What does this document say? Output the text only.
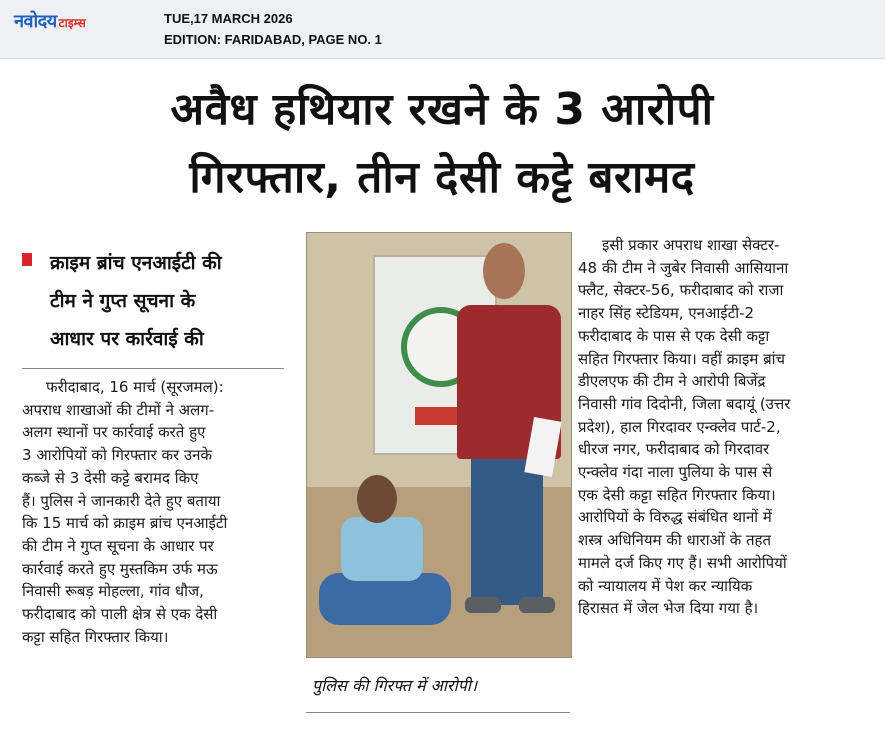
नवोदय टाइम्स	TUE,17 MARCH 2026
EDITION: FARIDABAD, PAGE NO. 1
अवैध हथियार रखने के 3 आरोपी
गिरफ्तार, तीन देसी कट्टे बरामद
क्राइम ब्रांच एनआईटी की
टीम ने गुप्त सूचना के
आधार पर कार्रवाई की
फरीदाबाद, 16 मार्च (सूरजमल):
अपराध शाखाओं की टीमों ने अलग-
अलग स्थानों पर कार्रवाई करते हुए
3 आरोपियों को गिरफ्तार कर उनके
कब्जे से 3 देसी कट्टे बरामद किए
हैं। पुलिस ने जानकारी देते हुए बताया
कि 15 मार्च को क्राइम ब्रांच एनआईटी
की टीम ने गुप्त सूचना के आधार पर
कार्रवाई करते हुए मुस्तकिम उर्फ मऊ
निवासी रूबड़ मोहल्ला, गांव धौज,
फरीदाबाद को पाली क्षेत्र से एक देसी
कट्टा सहित गिरफ्तार किया।
पुलिस की गिरफ्त में आरोपी।
इसी प्रकार अपराध शाखा सेक्टर-
48 की टीम ने जुबेर निवासी आसियाना
फ्लैट, सेक्टर-56, फरीदाबाद को राजा
नाहर सिंह स्टेडियम, एनआईटी-2
फरीदाबाद के पास से एक देसी कट्टा
सहित गिरफ्तार किया। वहीं क्राइम ब्रांच
डीएलएफ की टीम ने आरोपी बिजेंद्र
निवासी गांव दिदोनी, जिला बदायूं (उत्तर
प्रदेश), हाल गिरदावर एन्क्लेव पार्ट-2,
धीरज नगर, फरीदाबाद को गिरदावर
एन्क्लेव गंदा नाला पुलिया के पास से
एक देसी कट्टा सहित गिरफ्तार किया।
आरोपियों के विरुद्ध संबंधित थानों में
शस्त्र अधिनियम की धाराओं के तहत
मामले दर्ज किए गए हैं। सभी आरोपियों
को न्यायालय में पेश कर न्यायिक
हिरासत में जेल भेज दिया गया है।
